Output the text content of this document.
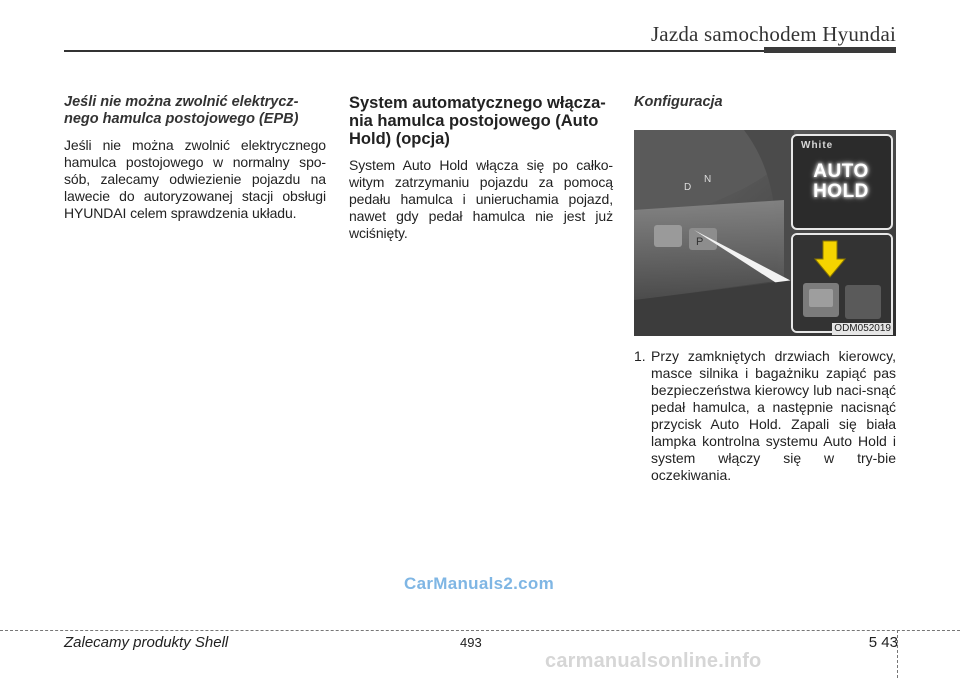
Jazda samochodem Hyundai

Jeśli nie można zwolnić elektrycz-nego hamulca postojowego (EPB)

Jeśli nie można zwolnić elektrycznego hamulca postojowego w normalny spo-sób, zalecamy odwiezienie pojazdu na lawecie do autoryzowanej stacji obsługi HYUNDAI celem sprawdzenia układu.

System automatycznego włącza-nia hamulca postojowego (Auto Hold) (opcja)

System Auto Hold włącza się po całko-witym zatrzymaniu pojazdu za pomocą pedału hamulca i unieruchamia pojazd, nawet gdy pedał hamulca nie jest już wciśnięty.

Konfiguracja

P
D
N
White
AUTO
HOLD
ODM052019
1. Przy zamkniętych drzwiach kierowcy, masce silnika i bagażniku zapiąć pas bezpieczeństwa kierowcy lub naci-snąć pedał hamulca, a następnie nacisnąć przycisk Auto Hold. Zapali się biała lampka kontrolna systemu Auto Hold i system włączy się w try-bie oczekiwania.
CarManuals2.com
Zalecamy produkty Shell	493	5 43
carmanualsonline.info
